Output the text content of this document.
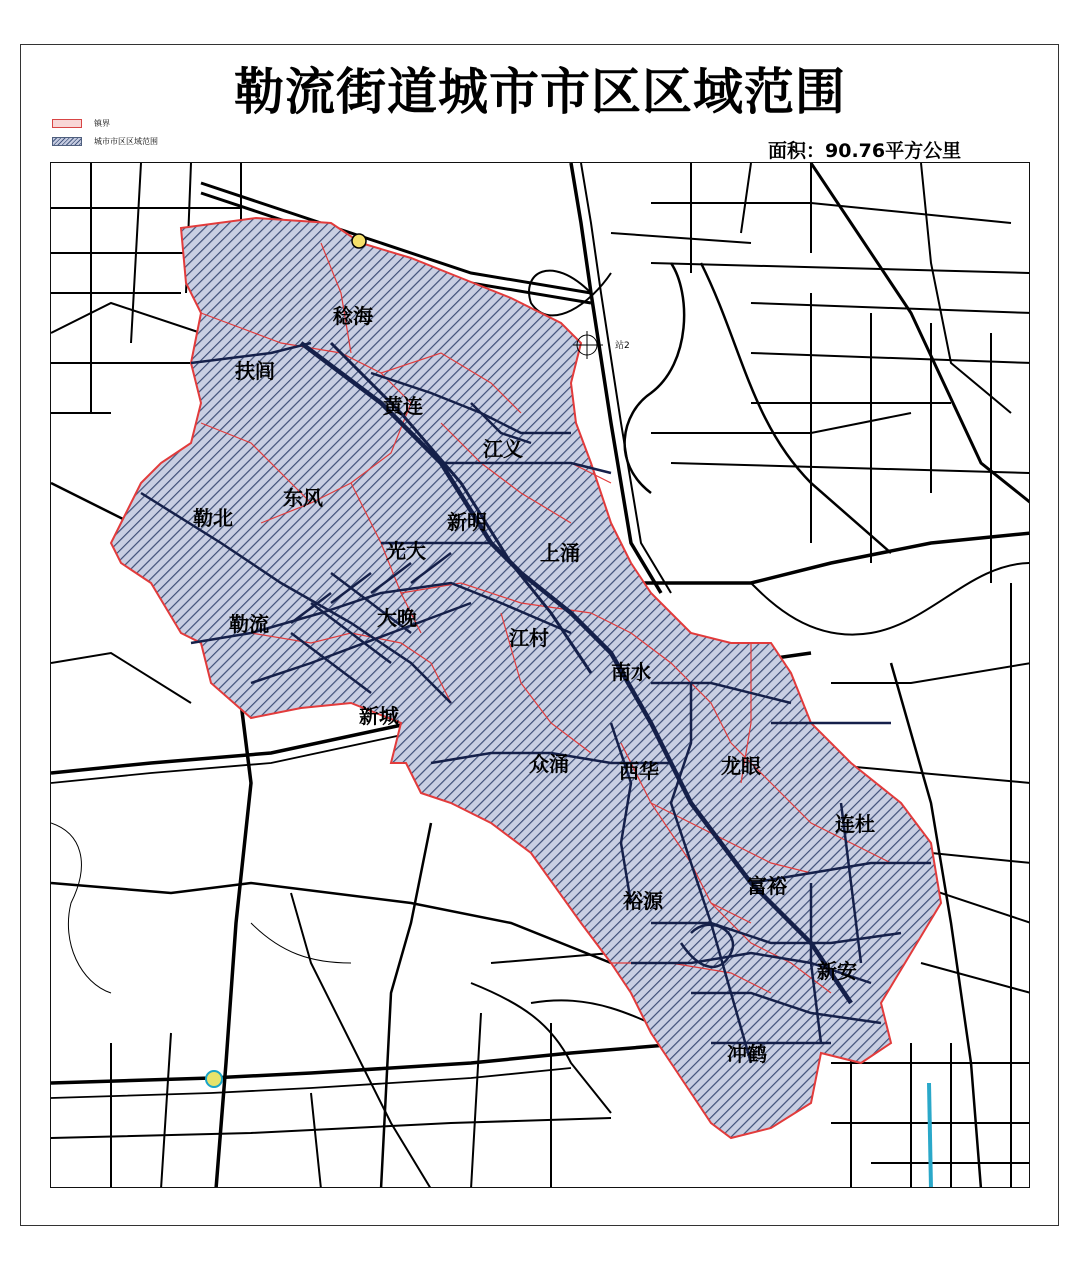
勒流街道城市市区区域范围
镇界
城市市区区域范围	面积：90.76平方公里
站2
稔海
扶闾
黄连
江义
勒北
东风
新明
光大	上涌
勒流	大晚
江村
南水
新城
众涌	西华	龙眼
连杜
裕源
富裕
新安
冲鹤
